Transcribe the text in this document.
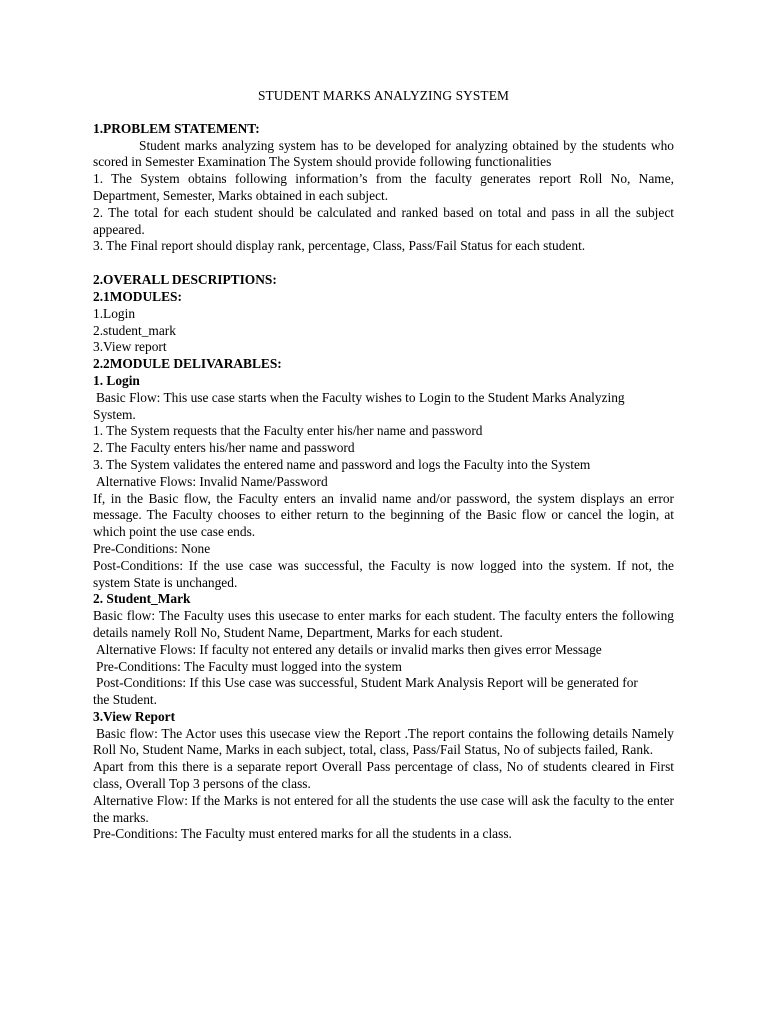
STUDENT MARKS ANALYZING SYSTEM

1.PROBLEM STATEMENT:

Student marks analyzing system has to be developed for analyzing obtained by the students who scored in Semester Examination The System should provide following functionalities

1. The System obtains following information’s from the faculty generates report Roll No, Name, Department, Semester, Marks obtained in each subject.

2. The total for each student should be calculated and ranked based on total and pass in all the subject appeared.

3. The Final report should display rank, percentage, Class, Pass/Fail Status for each student.

2.OVERALL DESCRIPTIONS:

2.1MODULES:

1.Login

2.student_mark

3.View report

2.2MODULE DELIVARABLES:

1. Login

Basic Flow: This use case starts when the Faculty wishes to Login to the Student Marks Analyzing

System.

1. The System requests that the Faculty enter his/her name and password

2. The Faculty enters his/her name and password

3. The System validates the entered name and password and logs the Faculty into the System

Alternative Flows: Invalid Name/Password

If, in the Basic flow, the Faculty enters an invalid name and/or password, the system displays an error message. The Faculty chooses to either return to the beginning of the Basic flow or cancel the login, at which point the use case ends.

Pre-Conditions: None

Post-Conditions: If the use case was successful, the Faculty is now logged into the system. If not, the system State is unchanged.

2. Student_Mark

Basic flow: The Faculty uses this usecase to enter marks for each student. The faculty enters the following details namely Roll No, Student Name, Department, Marks for each student.

Alternative Flows: If faculty not entered any details or invalid marks then gives error Message

Pre-Conditions: The Faculty must logged into the system

Post-Conditions: If this Use case was successful, Student Mark Analysis Report will be generated for

the Student.

3.View Report

Basic flow: The Actor uses this usecase view the Report .The report contains the following details Namely Roll No, Student Name, Marks in each subject, total, class, Pass/Fail Status, No of subjects failed, Rank.

Apart from this there is a separate report Overall Pass percentage of class, No of students cleared in First class, Overall Top 3 persons of the class.

Alternative Flow: If the Marks is not entered for all the students the use case will ask the faculty to the enter the marks.

Pre-Conditions: The Faculty must entered marks for all the students in a class.
